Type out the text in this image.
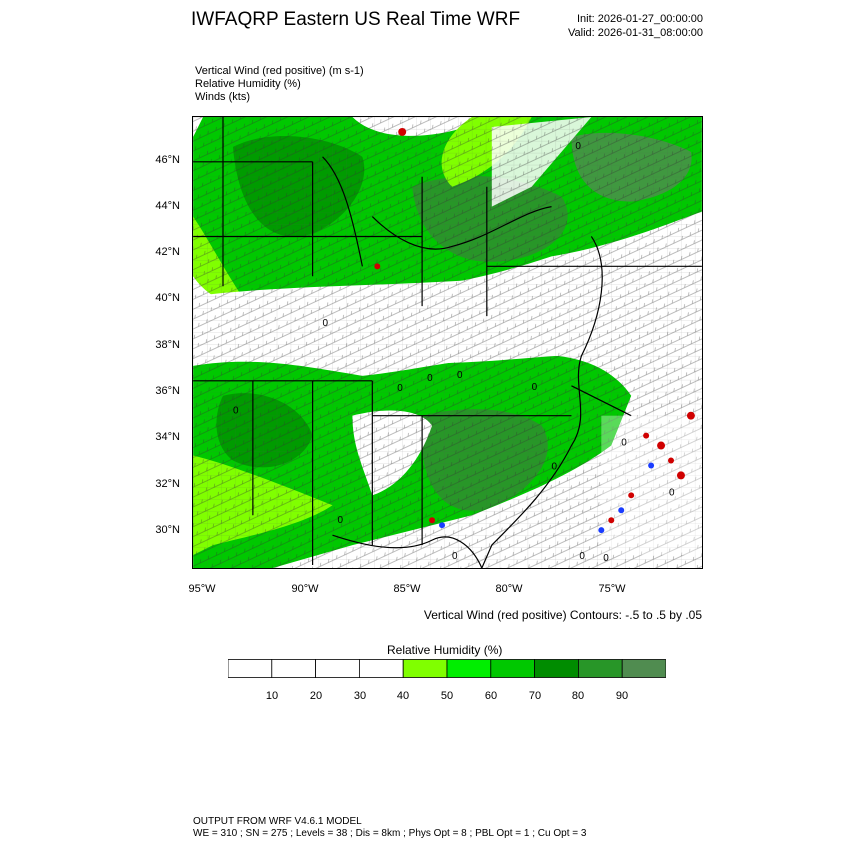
IWFAQRP Eastern US Real Time WRF	Init: 2026-01-27_00:00:00
Valid: 2026-01-31_08:00:00
Vertical Wind (red positive) (m s-1)
Relative Humidity (%)
Winds (kts)
0
0
0
0 0
0
0
0
0
0
0
0	0 0
46°N
44°N
42°N
40°N
38°N
36°N
34°N
32°N
30°N
95°W	90°W	85°W	80°W	75°W
Vertical Wind (red positive) Contours: -.5 to .5 by .05
Relative Humidity (%)
10	20	30	40	50	60	70	80	90
OUTPUT FROM WRF V4.6.1 MODEL
WE = 310 ; SN = 275 ; Levels = 38 ; Dis = 8km ; Phys Opt = 8 ; PBL Opt = 1 ; Cu Opt = 3
